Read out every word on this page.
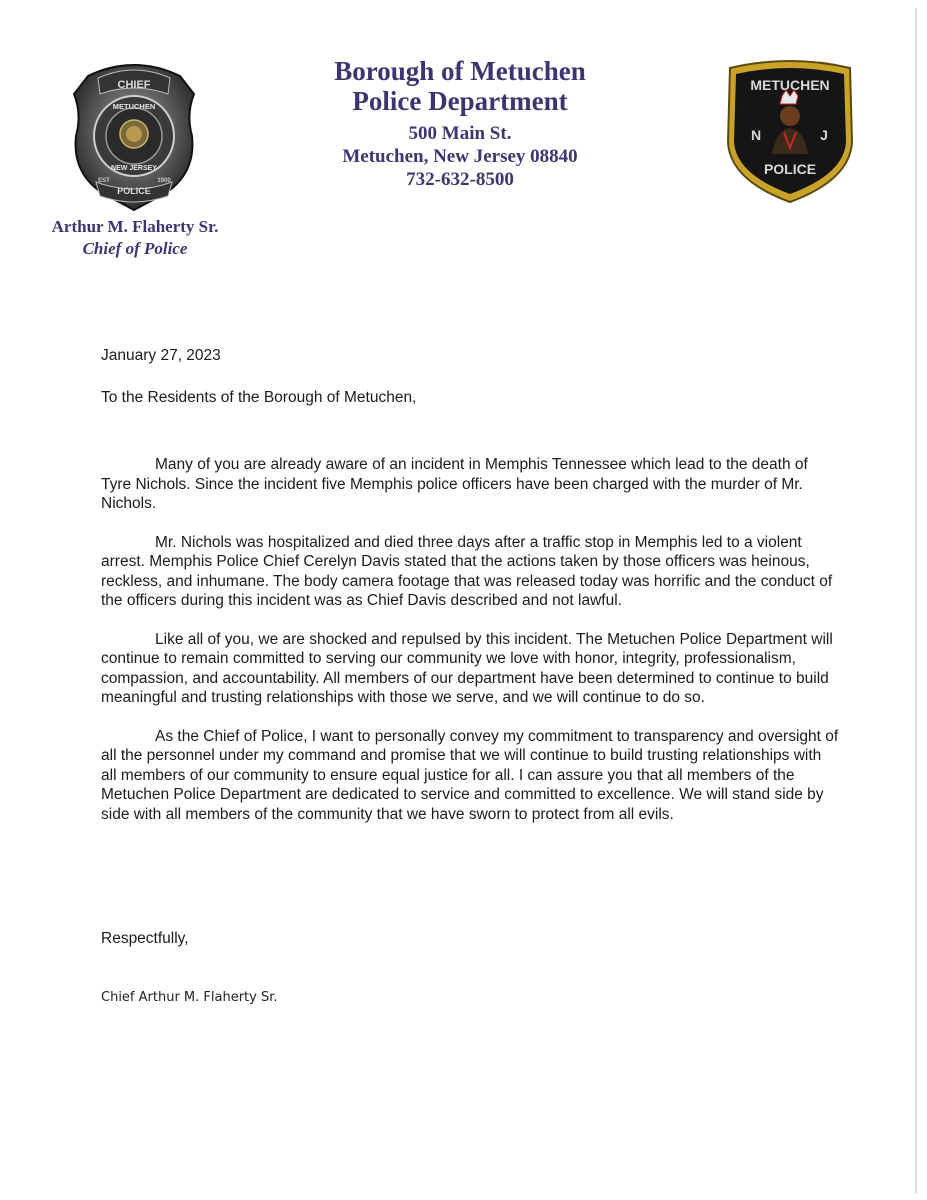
CHIEF
METUCHEN
NEW JERSEY
POLICE
EST	1900
Borough of Metuchen
Police Department
500 Main St.
Metuchen, New Jersey 08840
732-632-8500
METUCHEN
N	J
POLICE
Arthur M. Flaherty Sr.
Chief of Police

January 27, 2023

To the Residents of the Borough of Metuchen,

Many of you are already aware of an incident in Memphis Tennessee which lead to the death of Tyre Nichols. Since the incident five Memphis police officers have been charged with the murder of Mr. Nichols.

Mr. Nichols was hospitalized and died three days after a traffic stop in Memphis led to a violent arrest. Memphis Police Chief Cerelyn Davis stated that the actions taken by those officers was heinous, reckless, and inhumane. The body camera footage that was released today was horrific and the conduct of the officers during this incident was as Chief Davis described and not lawful.

Like all of you, we are shocked and repulsed by this incident. The Metuchen Police Department will continue to remain committed to serving our community we love with honor, integrity, professionalism, compassion, and accountability. All members of our department have been determined to continue to build meaningful and trusting relationships with those we serve, and we will continue to do so.

As the Chief of Police, I want to personally convey my commitment to transparency and oversight of all the personnel under my command and promise that we will continue to build trusting relationships with all members of our community to ensure equal justice for all. I can assure you that all members of the Metuchen Police Department are dedicated to service and committed to excellence. We will stand side by side with all members of the community that we have sworn to protect from all evils.

Respectfully,
Chief Arthur M. Flaherty Sr.
